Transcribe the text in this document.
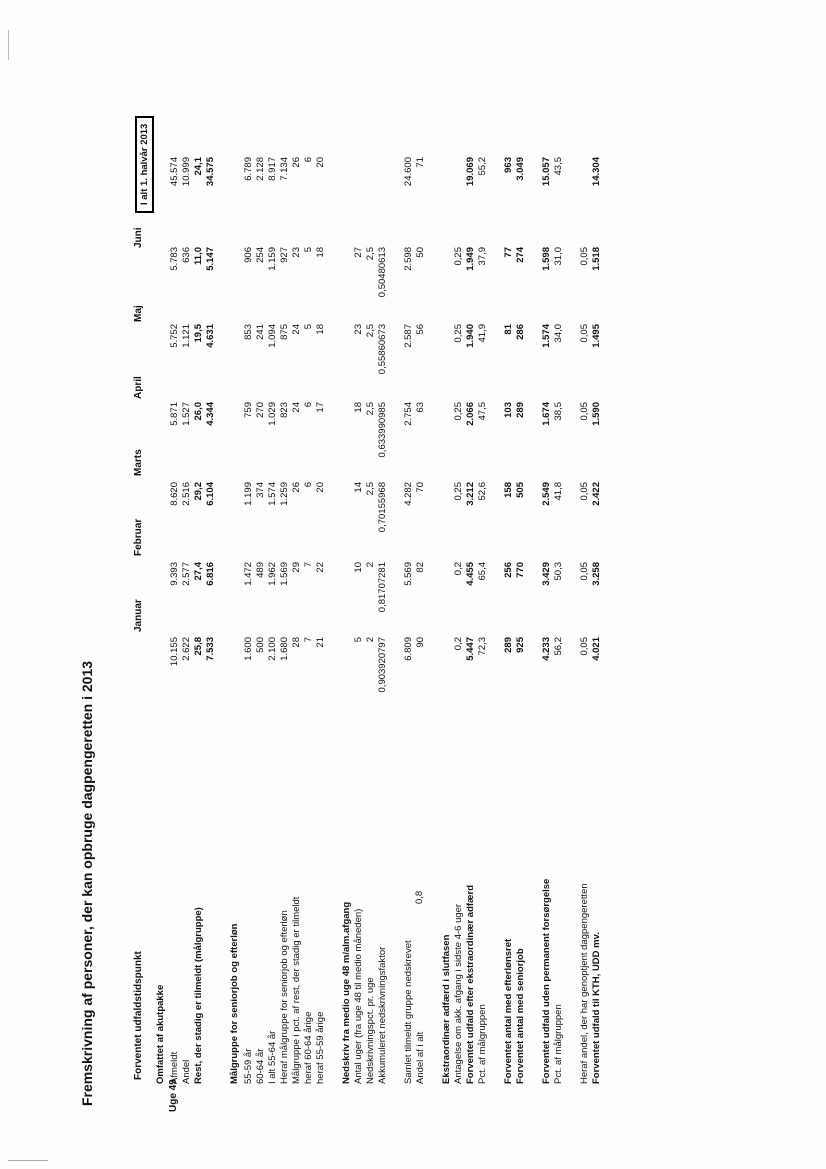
Fremskrivning af personer, der kan opbruge dagpengeretten i 2013	Uge 49
0,8
Forventet udfaldstidspunkt
Januar
Februar
Marts
April
Maj
Juni
I alt 1. halvår 2013
Omfattet af akutpakke Afmeldt
10.155
9.393
8.620
5.871
5.752
5.783
45.574
Andel
2.622
2.577
2.516
1.527
1.121
636
10.999
Rest, der stadig er tilmeldt (målgruppe)
25,8
27,4
29,2
26,0
19,5
11,0
24,1
7.533
6.816
6.104
4.344
4.631
5.147
34.575
Målgruppe for seniorjob og efterløn 55-59 år
1.600
1.472
1.199
759
853
906
6.789
60-64 år
500
489
374
270
241
254
2.128
I alt 55-64 år
2.100
1.962
1.574
1.029
1.094
1.159
8.917
Heraf målgruppe for seniorjob og efterløn
1.680
1.569
1.259
823
875
927
7.134
Målgruppe i pct. af rest, der stadig er tilmeldt
28
29
26
24
24
23
26
heraf 60-64 årige
7
7
6
6
5
5
6
heraf 55-59 årige
21
22
20
17
18
18
20
Nedskriv fra medio uge 48 m/alm.afgang Antal uger (fra uge 48 til medio måneden)
5
10
14
18
23
27
Nedskrivningspct. pr. uge
2
2
2,5
2,5
2,5
2,5
Akkumuleret nedskrivningsfaktor
0,903920797
0,81707281
0,70155968
0,633990985
0,55860673
0,50480613
Samlet tilmeldt gruppe nedskrevet
6.809
5.569
4.282
2.754
2.587
2.598
24.600
Andel af i alt
90
82
70
63
56
50
71
Ekstraordinær adfærd i slutfasen Antagelse om akk. afgang i sidste 4-6 uger
0,2
0,2
0,25
0,25
0,25
0,25
Forventet udfald efter ekstraordinær adfærd
5.447
4.455
3.212
2.066
1.940
1.949
19.069
Pct. af målgruppen
72,3
65,4
52,6
47,5
41,9
37,9
55,2
Forventet antal med efterlønsret
289
256
158
103
81
77
963
Forventet antal med seniorjob
925
770
505
289
286
274
3.049
Forventet udfald uden permanent forsørgelse
4.233
3.429
2.549
1.674
1.574
1.598
15.057
Pct. af målgruppen
56,2
50,3
41,8
38,5
34,0
31,0
43,5
Heraf andel, der har genoptjent dagpengeretten
0,05
0,05
0,05
0,05
0,05
0,05
Forventet udfald til KTH, UDD mv.
4.021
3.258
2.422
1.590
1.495
1.518
14.304
